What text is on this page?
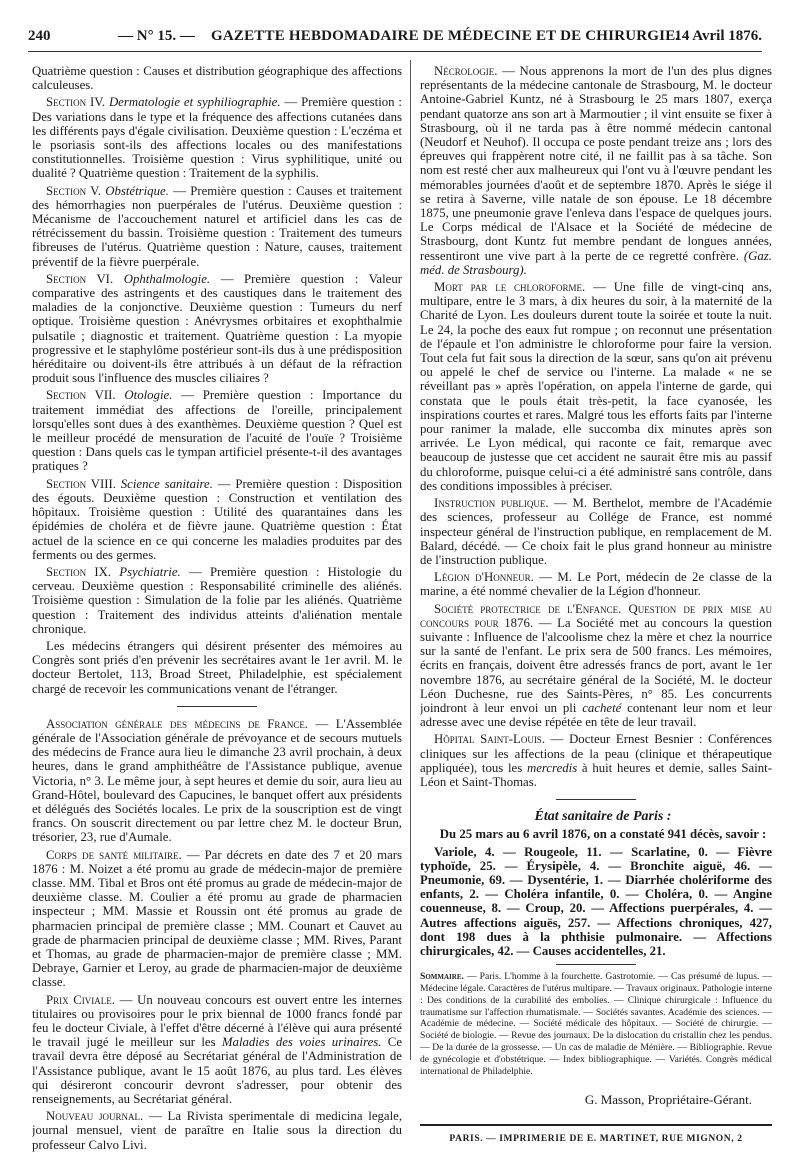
240	— N° 15. — GAZETTE HEBDOMADAIRE DE MÉDECINE ET DE CHIRURGIE.
14 Avril 1876.

Quatrième question : Causes et distribution géographique des affections calculeuses.

Section IV. Dermatologie et syphiliographie. — Première question : Des variations dans le type et la fréquence des affections cutanées dans les différents pays d'égale civilisation. Deuxième question : L'eczéma et le psoriasis sont-ils des affections locales ou des manifestations constitutionnelles. Troisième question : Virus syphilitique, unité ou dualité ? Quatrième question : Traitement de la syphilis.

Section V. Obstétrique. — Première question : Causes et traitement des hémorrhagies non puerpérales de l'utérus. Deuxième question : Mécanisme de l'accouchement naturel et artificiel dans les cas de rétrécissement du bassin. Troisième question : Traitement des tumeurs fibreuses de l'utérus. Quatrième question : Nature, causes, traitement préventif de la fièvre puerpérale.

Section VI. Ophthalmologie. — Première question : Valeur comparative des astringents et des caustiques dans le traitement des maladies de la conjonctive. Deuxième question : Tumeurs du nerf optique. Troisième question : Anévrysmes orbitaires et exophthalmie pulsatile ; diagnostic et traitement. Quatrième question : La myopie progressive et le staphylôme postérieur sont-ils dus à une prédisposition héréditaire ou doivent-ils être attribués à un défaut de la réfraction produit sous l'influence des muscles ciliaires ?

Section VII. Otologie. — Première question : Importance du traitement immédiat des affections de l'oreille, principalement lorsqu'elles sont dues à des exanthèmes. Deuxième question ? Quel est le meilleur procédé de mensuration de l'acuité de l'ouïe ? Troisième question : Dans quels cas le tympan artificiel présente-t-il des avantages pratiques ?

Section VIII. Science sanitaire. — Première question : Disposition des égouts. Deuxième question : Construction et ventilation des hôpitaux. Troisième question : Utilité des quarantaines dans les épidémies de choléra et de fièvre jaune. Quatrième question : État actuel de la science en ce qui concerne les maladies produites par des ferments ou des germes.

Section IX. Psychiatrie. — Première question : Histologie du cerveau. Deuxième question : Responsabilité criminelle des aliénés. Troisième question : Simulation de la folie par les aliénés. Quatrième question : Traitement des individus atteints d'aliénation mentale chronique.

Les médecins étrangers qui désirent présenter des mémoires au Congrès sont priés d'en prévenir les secrétaires avant le 1er avril. M. le docteur Bertolet, 113, Broad Street, Philadelphie, est spécialement chargé de recevoir les communications venant de l'étranger.

Association générale des médecins de France. — L'Assemblée générale de l'Association générale de prévoyance et de secours mutuels des médecins de France aura lieu le dimanche 23 avril prochain, à deux heures, dans le grand amphithéâtre de l'Assistance publique, avenue Victoria, n° 3. Le même jour, à sept heures et demie du soir, aura lieu au Grand-Hôtel, boulevard des Capucines, le banquet offert aux présidents et délégués des Sociétés locales. Le prix de la souscription est de vingt francs. On souscrit directement ou par lettre chez M. le docteur Brun, trésorier, 23, rue d'Aumale.

Corps de santé militaire. — Par décrets en date des 7 et 20 mars 1876 : M. Noizet a été promu au grade de médecin-major de première classe. MM. Tibal et Bros ont été promus au grade de médecin-major de deuxième classe. M. Coulier a été promu au grade de pharmacien inspecteur ; MM. Massie et Roussin ont été promus au grade de pharmacien principal de première classe ; MM. Counart et Cauvet au grade de pharmacien principal de deuxième classe ; MM. Rives, Parant et Thomas, au grade de pharmacien-major de première classe ; MM. Debraye, Garnier et Leroy, au grade de pharmacien-major de deuxième classe.

Prix Civiale. — Un nouveau concours est ouvert entre les internes titulaires ou provisoires pour le prix biennal de 1000 francs fondé par feu le docteur Civiale, à l'effet d'être décerné à l'élève qui aura présenté le travail jugé le meilleur sur les Maladies des voies urinaires. Ce travail devra être déposé au Secrétariat général de l'Administration de l'Assistance publique, avant le 15 août 1876, au plus tard. Les élèves qui désireront concourir devront s'adresser, pour obtenir des renseignements, au Secrétariat général.

Nouveau journal. — La Rivista sperimentale di medicina legale, journal mensuel, vient de paraître en Italie sous la direction du professeur Calvo Livi.

Nécrologie. — Nous apprenons la mort de l'un des plus dignes représentants de la médecine cantonale de Strasbourg, M. le docteur Antoine-Gabriel Kuntz, né à Strasbourg le 25 mars 1807, exerça pendant quatorze ans son art à Marmoutier ; il vint ensuite se fixer à Strasbourg, où il ne tarda pas à être nommé médecin cantonal (Neudorf et Neuhof). Il occupa ce poste pendant treize ans ; lors des épreuves qui frappèrent notre cité, il ne faillit pas à sa tâche. Son nom est resté cher aux malheureux qui l'ont vu à l'œuvre pendant les mémorables journées d'août et de septembre 1870. Après le siége il se retira à Saverne, ville natale de son épouse. Le 18 décembre 1875, une pneumonie grave l'enleva dans l'espace de quelques jours. Le Corps médical de l'Alsace et la Société de médecine de Strasbourg, dont Kuntz fut membre pendant de longues années, ressentiront une vive part à la perte de ce regretté confrère. (Gaz. méd. de Strasbourg).

Mort par le chloroforme. — Une fille de vingt-cinq ans, multipare, entre le 3 mars, à dix heures du soir, à la maternité de la Charité de Lyon. Les douleurs durent toute la soirée et toute la nuit. Le 24, la poche des eaux fut rompue ; on reconnut une présentation de l'épaule et l'on administre le chloroforme pour faire la version. Tout cela fut fait sous la direction de la sœur, sans qu'on ait prévenu ou appelé le chef de service ou l'interne. La malade « ne se réveillant pas » après l'opération, on appela l'interne de garde, qui constata que le pouls était très-petit, la face cyanosée, les inspirations courtes et rares. Malgré tous les efforts faits par l'interne pour ranimer la malade, elle succomba dix minutes après son arrivée. Le Lyon médical, qui raconte ce fait, remarque avec beaucoup de justesse que cet accident ne saurait être mis au passif du chloroforme, puisque celui-ci a été administré sans contrôle, dans des conditions impossibles à préciser.

Instruction publique. — M. Berthelot, membre de l'Académie des sciences, professeur au Collége de France, est nommé inspecteur général de l'instruction publique, en remplacement de M. Balard, décédé. — Ce choix fait le plus grand honneur au ministre de l'instruction publique.

Légion d'Honneur. — M. Le Port, médecin de 2e classe de la marine, a été nommé chevalier de la Légion d'honneur.

Société protectrice de l'Enfance. Question de prix mise au concours pour 1876. — La Société met au concours la question suivante : Influence de l'alcoolisme chez la mère et chez la nourrice sur la santé de l'enfant. Le prix sera de 500 francs. Les mémoires, écrits en français, doivent être adressés francs de port, avant le 1er novembre 1876, au secrétaire général de la Société, M. le docteur Léon Duchesne, rue des Saints-Pères, n° 85. Les concurrents joindront à leur envoi un pli cacheté contenant leur nom et leur adresse avec une devise répétée en tête de leur travail.

Hôpital Saint-Louis. — Docteur Ernest Besnier : Conférences cliniques sur les affections de la peau (clinique et thérapeutique appliquée), tous les mercredis à huit heures et demie, salles Saint-Léon et Saint-Thomas.

État sanitaire de Paris :

Du 25 mars au 6 avril 1876, on a constaté 941 décès, savoir :

Variole, 4. — Rougeole, 11. — Scarlatine, 0. — Fièvre typhoïde, 25. — Érysipèle, 4. — Bronchite aiguë, 46. — Pneumonie, 69. — Dysentérie, 1. — Diarrhée cholériforme des enfants, 2. — Choléra infantile, 0. — Choléra, 0. — Angine couenneuse, 8. — Croup, 20. — Affections puerpérales, 4. — Autres affections aiguës, 257. — Affections chroniques, 427, dont 198 dues à la phthisie pulmonaire. — Affections chirurgicales, 42. — Causes accidentelles, 21.

Sommaire. — Paris. L'homme à la fourchette. Gastrotomie. — Cas présumé de lupus. — Médecine légale. Caractères de l'utérus multipare. — Travaux originaux. Pathologie interne : Des conditions de la curabilité des embolies. — Clinique chirurgicale : Influence du traumatisme sur l'affection rhumatismale. — Sociétés savantes. Académie des sciences. — Académie de médecine. — Société médicale des hôpitaux. — Société de chirurgie. — Société de biologie. — Revue des journaux. De la dislocation du cristallin chez les pendus. — De la durée de la grossesse. — Un cas de maladie de Ménière. — Bibliographie. Revue de gynécologie et d'obstétrique. — Index bibliographique. — Variétés. Congrès médical international de Philadelphie.

G. Masson, Propriétaire-Gérant.
PARIS. — IMPRIMERIE DE E. MARTINET, RUE MIGNON, 2
